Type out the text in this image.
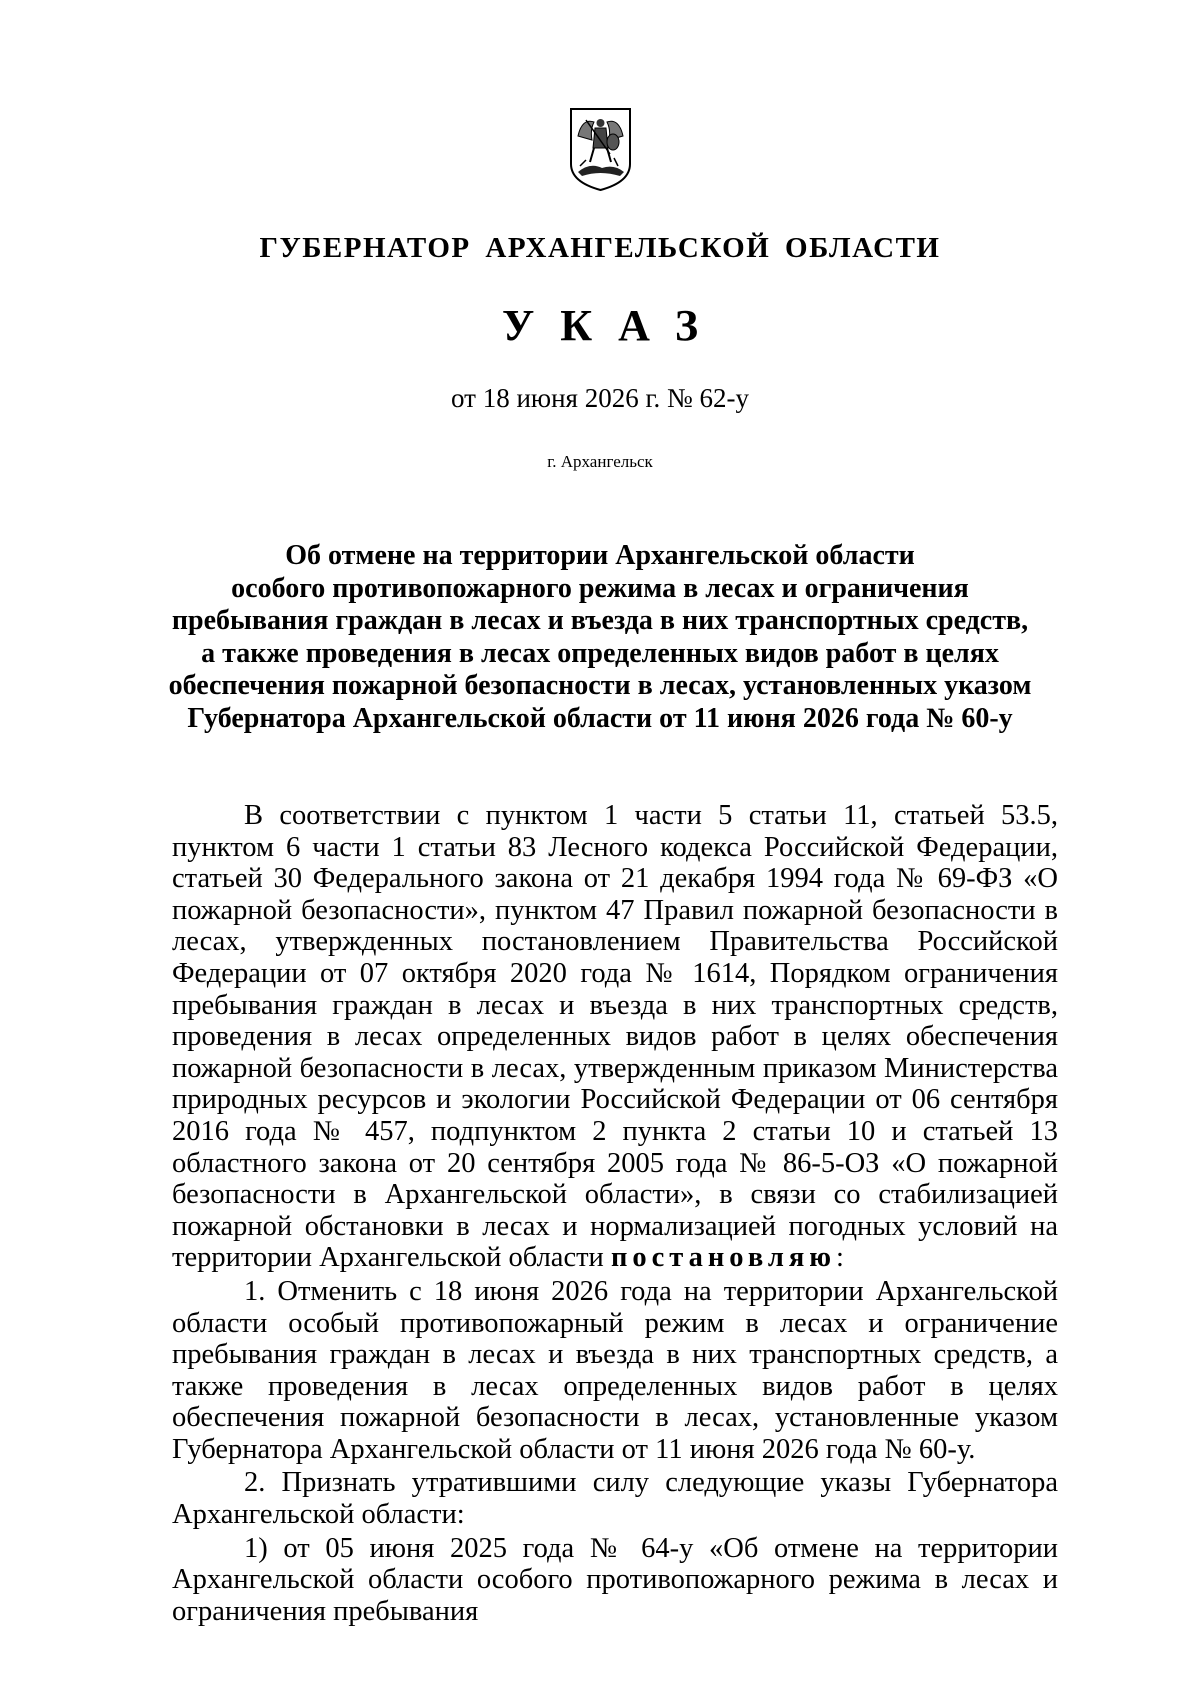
ГУБЕРНАТОР АРХАНГЕЛЬСКОЙ ОБЛАСТИ
УКАЗ
от 18 июня 2026 г. № 62-у
г. Архангельск
Об отмене на территории Архангельской области
особого противопожарного режима в лесах и ограничения
пребывания граждан в лесах и въезда в них транспортных средств,
а также проведения в лесах определенных видов работ в целях
обеспечения пожарной безопасности в лесах, установленных указом
Губернатора Архангельской области от 11 июня 2026 года № 60-у

В соответствии с пунктом 1 части 5 статьи 11, статьей 53.5, пунктом 6 части 1 статьи 83 Лесного кодекса Российской Федерации, статьей 30 Федерального закона от 21 декабря 1994 года № 69-ФЗ «О пожарной безопасности», пунктом 47 Правил пожарной безопасности в лесах, утвержденных постановлением Правительства Российской Федерации от 07 октября 2020 года № 1614, Порядком ограничения пребывания граждан в лесах и въезда в них транспортных средств, проведения в лесах определенных видов работ в целях обеспечения пожарной безопасности в лесах, утвержденным приказом Министерства природных ресурсов и экологии Российской Федерации от 06 сентября 2016 года № 457, подпунктом 2 пункта 2 статьи 10 и статьей 13 областного закона от 20 сентября 2005 года № 86-5-ОЗ «О пожарной безопасности в Архангельской области», в связи со стабилизацией пожарной обстановки в лесах и нормализацией погодных условий на территории Архангельской области постановляю:

1. Отменить с 18 июня 2026 года на территории Архангельской области особый противопожарный режим в лесах и ограничение пребывания граждан в лесах и въезда в них транспортных средств, а также проведения в лесах определенных видов работ в целях обеспечения пожарной безопасности в лесах, установленные указом Губернатора Архангельской области от 11 июня 2026 года № 60-у.

2. Признать утратившими силу следующие указы Губернатора Архангельской области:

1) от 05 июня 2025 года № 64-у «Об отмене на территории Архангельской области особого противопожарного режима в лесах и ограничения пребывания
